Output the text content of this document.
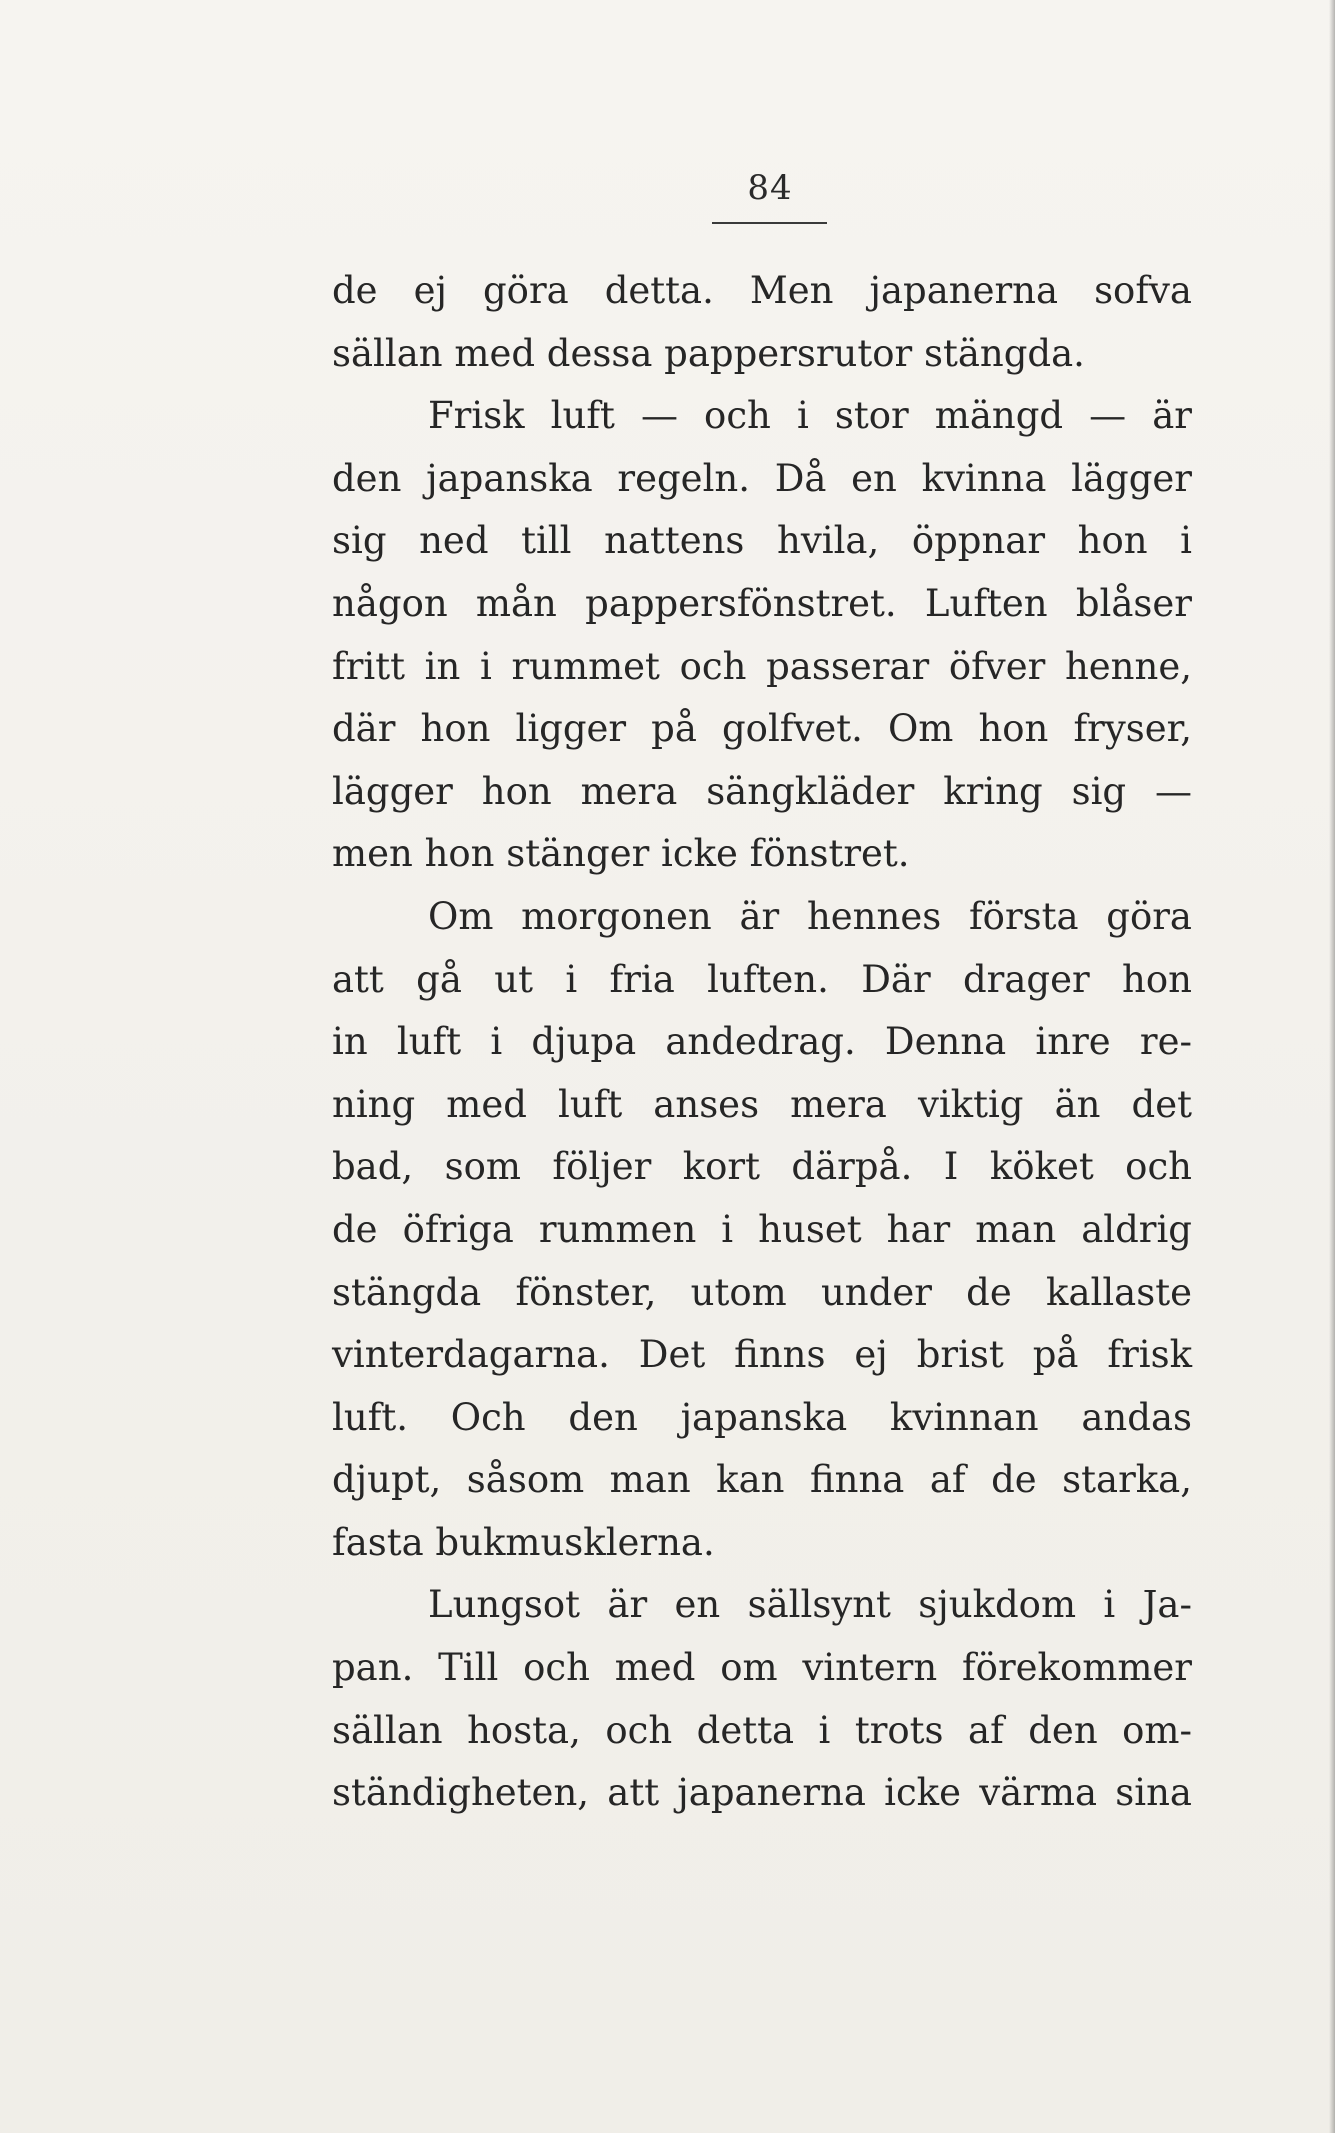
84
de ej göra detta. Men japanerna sofva
sällan med dessa pappersrutor stängda.
Frisk luft — och i stor mängd — är
den japanska regeln. Då en kvinna lägger
sig ned till nattens hvila, öppnar hon i
någon mån pappersfönstret. Luften blåser
fritt in i rummet och passerar öfver henne,
där hon ligger på golfvet. Om hon fryser,
lägger hon mera sängkläder kring sig —
men hon stänger icke fönstret.
Om morgonen är hennes första göra
att gå ut i fria luften. Där drager hon
in luft i djupa andedrag. Denna inre re-
ning med luft anses mera viktig än det
bad, som följer kort därpå. I köket och
de öfriga rummen i huset har man aldrig
stängda fönster, utom under de kallaste
vinterdagarna. Det finns ej brist på frisk
luft. Och den japanska kvinnan andas
djupt, såsom man kan finna af de starka,
fasta bukmusklerna.
Lungsot är en sällsynt sjukdom i Ja-
pan. Till och med om vintern förekommer
sällan hosta, och detta i trots af den om-
ständigheten, att japanerna icke värma sina
